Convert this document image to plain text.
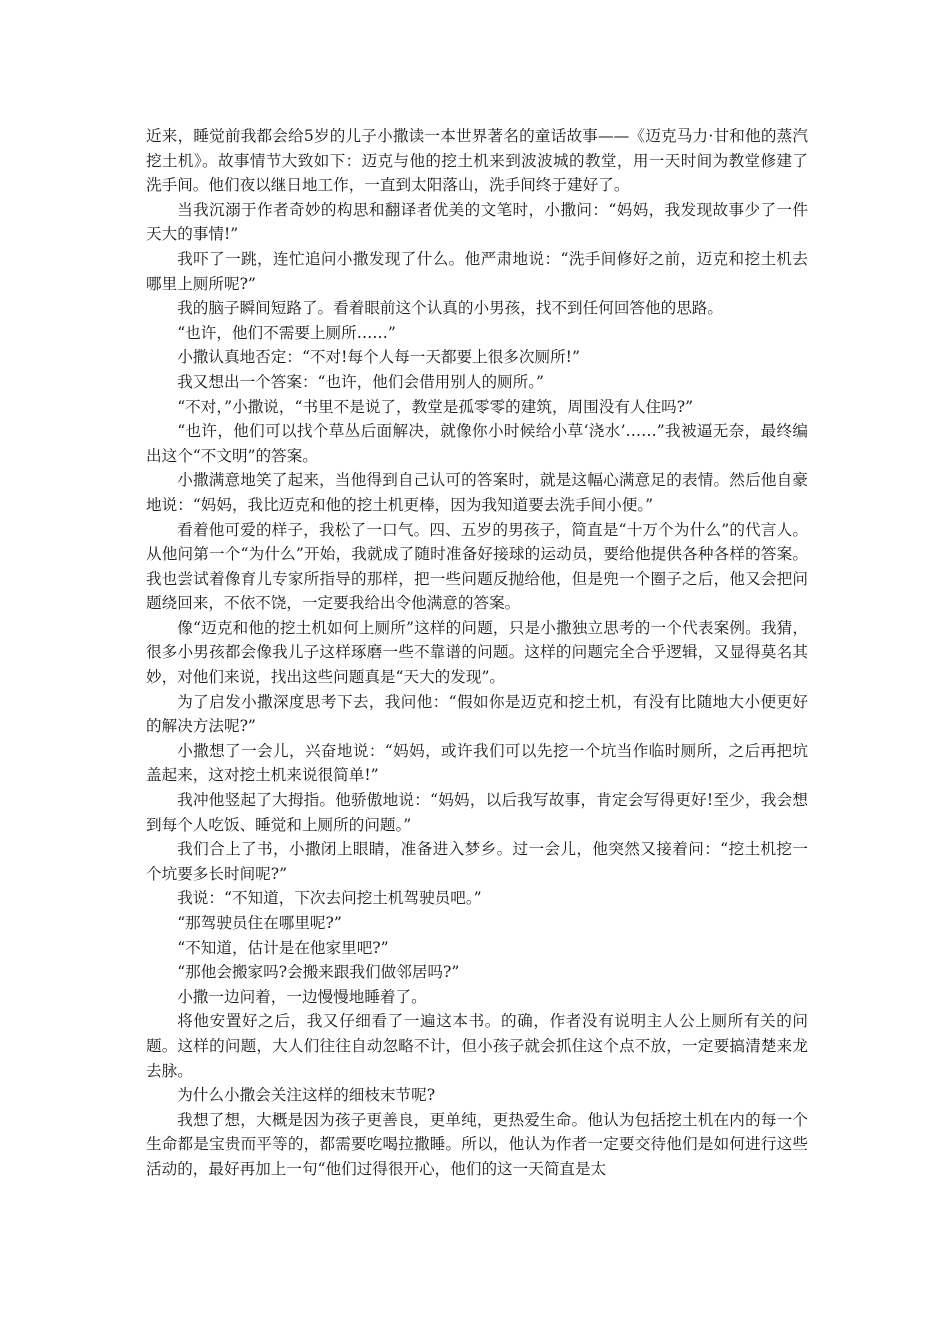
近来，睡觉前我都会给5岁的儿子小撒读一本世界著名的童话故事——《迈克马力·甘和他的蒸汽挖土机》。故事情节大致如下：迈克与他的挖土机来到波波城的教堂，用一天时间为教堂修建了洗手间。他们夜以继日地工作，一直到太阳落山，洗手间终于建好了。

当我沉溺于作者奇妙的构思和翻译者优美的文笔时，小撒问：“妈妈，我发现故事少了一件天大的事情!”

我吓了一跳，连忙追问小撒发现了什么。他严肃地说：“洗手间修好之前，迈克和挖土机去哪里上厕所呢?”

我的脑子瞬间短路了。看着眼前这个认真的小男孩，找不到任何回答他的思路。

“也许，他们不需要上厕所……”

小撒认真地否定：“不对!每个人每一天都要上很多次厕所!”

我又想出一个答案：“也许，他们会借用别人的厕所。”

“不对，”小撒说，“书里不是说了，教堂是孤零零的建筑，周围没有人住吗?”

“也许，他们可以找个草丛后面解决，就像你小时候给小草‘浇水’……”我被逼无奈，最终编出这个“不文明”的答案。

小撒满意地笑了起来，当他得到自己认可的答案时，就是这幅心满意足的表情。然后他自豪地说：“妈妈，我比迈克和他的挖土机更棒，因为我知道要去洗手间小便。”

看着他可爱的样子，我松了一口气。四、五岁的男孩子，简直是“十万个为什么”的代言人。从他问第一个“为什么”开始，我就成了随时准备好接球的运动员，要给他提供各种各样的答案。我也尝试着像育儿专家所指导的那样，把一些问题反抛给他，但是兜一个圈子之后，他又会把问题绕回来，不依不饶，一定要我给出令他满意的答案。

像“迈克和他的挖土机如何上厕所”这样的问题，只是小撒独立思考的一个代表案例。我猜，很多小男孩都会像我儿子这样琢磨一些不靠谱的问题。这样的问题完全合乎逻辑，又显得莫名其妙，对他们来说，找出这些问题真是“天大的发现”。

为了启发小撒深度思考下去，我问他：“假如你是迈克和挖土机，有没有比随地大小便更好的解决方法呢?”

小撒想了一会儿，兴奋地说：“妈妈，或许我们可以先挖一个坑当作临时厕所，之后再把坑盖起来，这对挖土机来说很简单!”

我冲他竖起了大拇指。他骄傲地说：“妈妈，以后我写故事，肯定会写得更好!至少，我会想到每个人吃饭、睡觉和上厕所的问题。”

我们合上了书，小撒闭上眼睛，准备进入梦乡。过一会儿，他突然又接着问：“挖土机挖一个坑要多长时间呢?”

我说：“不知道，下次去问挖土机驾驶员吧。”

“那驾驶员住在哪里呢?”

“不知道，估计是在他家里吧?”

“那他会搬家吗?会搬来跟我们做邻居吗?”

小撒一边问着，一边慢慢地睡着了。

将他安置好之后，我又仔细看了一遍这本书。的确，作者没有说明主人公上厕所有关的问题。这样的问题，大人们往往自动忽略不计，但小孩子就会抓住这个点不放，一定要搞清楚来龙去脉。

为什么小撒会关注这样的细枝末节呢?

我想了想，大概是因为孩子更善良，更单纯，更热爱生命。他认为包括挖土机在内的每一个生命都是宝贵而平等的，都需要吃喝拉撒睡。所以，他认为作者一定要交待他们是如何进行这些活动的，最好再加上一句“他们过得很开心，他们的这一天简直是太
